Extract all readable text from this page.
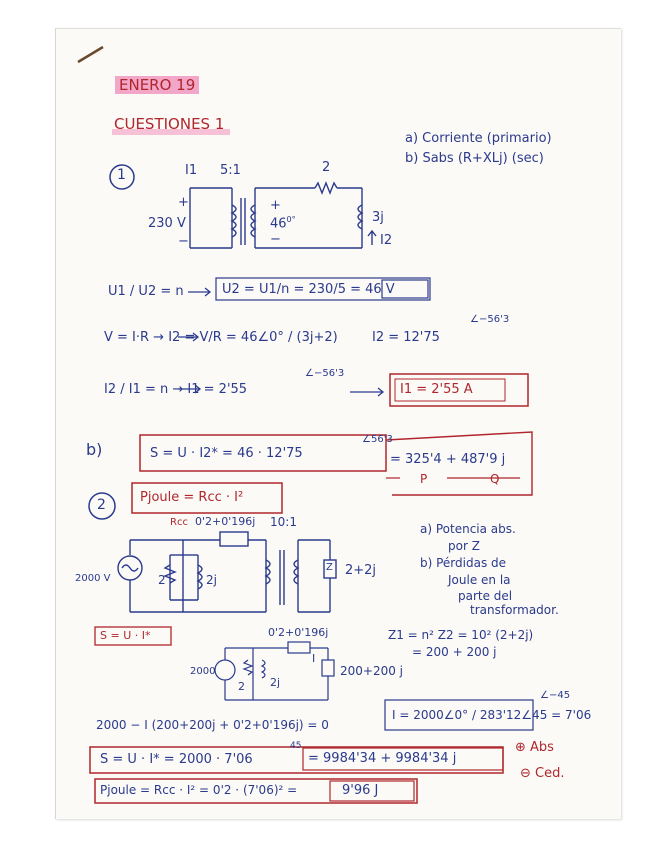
ENERO 19
CUESTIONES 1
1
a) Corriente (primario)
b) Sabs (R+XLj) (sec)
I1 5:1
+
230 V
−
+
$46^{0^\circ}$
−
2
3j
I2
U1 / U2 = n	U2 = U1/n = 230/5 = 46 V
V = I·R → I2 = V/R = 46∠0° / (3j+2)	I2 = 12'75
∠−56'3
I2 / I1 = n → I1 = 2'55
∠−56'3
I1 = 2'55 A
b)	S = U · I2* = 46 · 12'75
∠56'3
= 325'4 + 487'9 j
P	Q
2	Pjoule = Rcc · I²
Rcc 0'2+0'196j 10:1
2000 V	2	2j
2+2j
Z
a) Potencia abs.
por Z
b) Pérdidas de
Joule en la
parte del
transformador.
S = U · I*	Z1 = n² Z2 = 10² (2+2j)
= 200 + 200 j
0'2+0'196j
I
2000
2 2j
200+200 j
2000 − I (200+200j + 0'2+0'196j) = 0
I = 2000∠0° / 283'12∠45 = 7'06
∠−45
S = U · I* = 2000 · 7'06
45
= 9984'34 + 9984'34 j
⊕ Abs
⊖ Ced.
Pjoule = Rcc · I² = 0'2 · (7'06)² =	9'96 J
